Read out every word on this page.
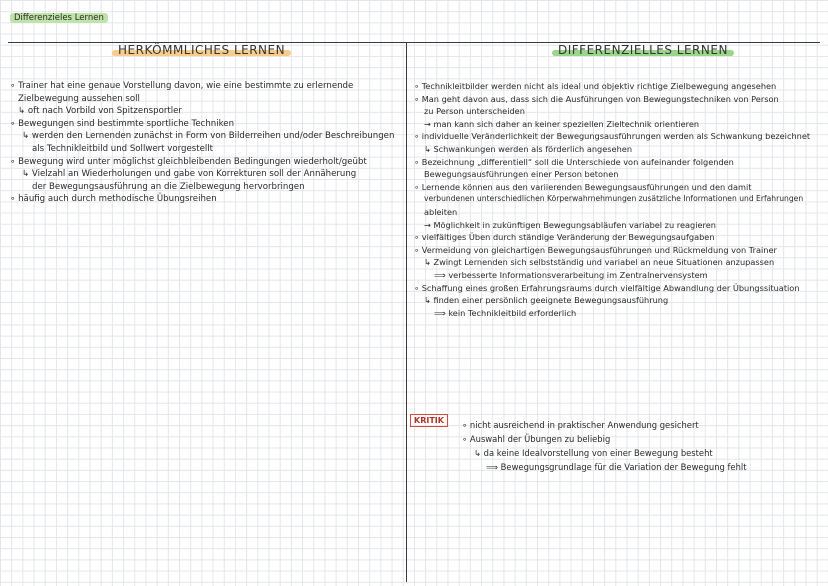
Differenzieles Lernen
HERKÖMMLICHES LERNEN	DIFFERENZIELLES LERNEN
∘ Trainer hat eine genaue Vorstellung davon, wie eine bestimmte zu erlernende
Zielbewegung aussehen soll
↳ oft nach Vorbild von Spitzensportler
∘ Bewegungen sind bestimmte sportliche Techniken
↳ werden den Lernenden zunächst in Form von Bilderreihen und/oder Beschreibungen
als Technikleitbild und Sollwert vorgestellt
∘ Bewegung wird unter möglichst gleichbleibenden Bedingungen wiederholt/geübt
↳ Vielzahl an Wiederholungen und gabe von Korrekturen soll der Annäherung
der Bewegungsausführung an die Zielbewegung hervorbringen
∘ häufig auch durch methodische Übungsreihen
∘ Technikleitbilder werden nicht als ideal und objektiv richtige Zielbewegung angesehen
∘ Man geht davon aus, dass sich die Ausführungen von Bewegungstechniken von Person
zu Person unterscheiden
→ man kann sich daher an keiner speziellen Zieltechnik orientieren
∘ individuelle Veränderlichkeit der Bewegungsausführungen werden als Schwankung bezeichnet
↳ Schwankungen werden als förderlich angesehen
∘ Bezeichnung „differentiell“ soll die Unterschiede von aufeinander folgenden
Bewegungsausführungen einer Person betonen
∘ Lernende können aus den variierenden Bewegungsausführungen und den damit
verbundenen unterschiedlichen Körperwahrnehmungen zusätzliche Informationen und Erfahrungen
ableiten
→ Möglichkeit in zukünftigen Bewegungsabläufen variabel zu reagieren
∘ vielfältiges Üben durch ständige Veränderung der Bewegungsaufgaben
∘ Vermeidung von gleichartigen Bewegungsausführungen und Rückmeldung von Trainer
↳ Zwingt Lernenden sich selbstständig und variabel an neue Situationen anzupassen
⟹ verbesserte Informationsverarbeitung im Zentralnervensystem
∘ Schaffung eines großen Erfahrungsraums durch vielfältige Abwandlung der Übungssituation
↳ finden einer persönlich geeignete Bewegungsausführung
⟹ kein Technikleitbild erforderlich
KRITIK	∘ nicht ausreichend in praktischer Anwendung gesichert
∘ Auswahl der Übungen zu beliebig
↳ da keine Idealvorstellung von einer Bewegung besteht
⟹ Bewegungsgrundlage für die Variation der Bewegung fehlt
